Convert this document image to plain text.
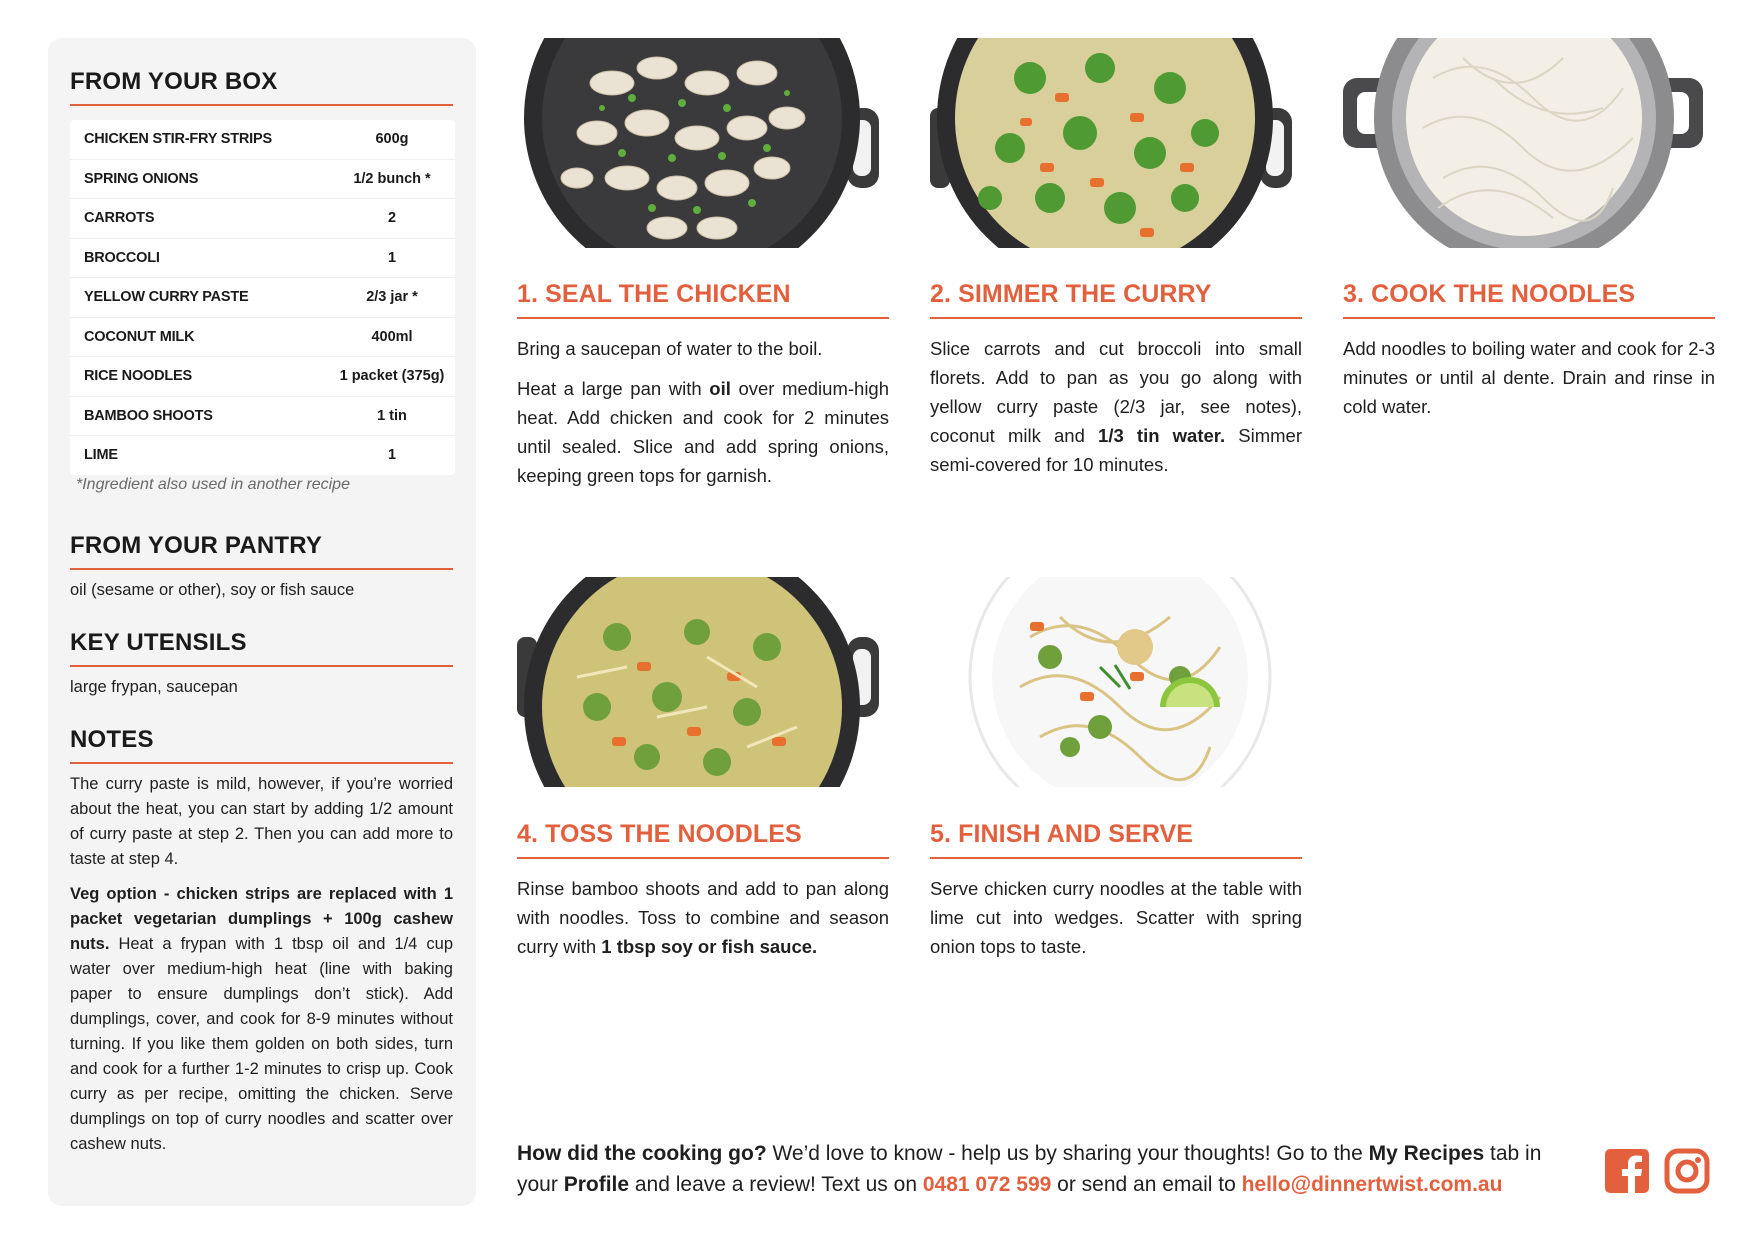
FROM YOUR BOX
CHICKEN STIR-FRY STRIPS	600g
SPRING ONIONS	1/2 bunch *
CARROTS	2
BROCCOLI	1
YELLOW CURRY PASTE	2/3 jar *
COCONUT MILK	400ml
RICE NOODLES	1 packet (375g)
BAMBOO SHOOTS	1 tin
LIME	1
*Ingredient also used in another recipe
FROM YOUR PANTRY
oil (sesame or other), soy or fish sauce
KEY UTENSILS
large frypan, saucepan
NOTES

The curry paste is mild, however, if you’re worried about the heat, you can start by adding 1/2 amount of curry paste at step 2. Then you can add more to taste at step 4.

Veg option - chicken strips are replaced with 1 packet vegetarian dumplings + 100g cashew nuts. Heat a frypan with 1 tbsp oil and 1/4 cup water over medium-high heat (line with baking paper to ensure dumplings don’t stick). Add dumplings, cover, and cook for 8-9 minutes without turning. If you like them golden on both sides, turn and cook for a further 1-2 minutes to crisp up. Cook curry as per recipe, omitting the chicken. Serve dumplings on top of curry noodles and scatter over cashew nuts.

1. SEAL THE CHICKEN

Bring a saucepan of water to the boil.

Heat a large pan with oil over medium-high heat. Add chicken and cook for 2 minutes until sealed. Slice and add spring onions, keeping green tops for garnish.

2. SIMMER THE CURRY

Slice carrots and cut broccoli into small florets. Add to pan as you go along with yellow curry paste (2/3 jar, see notes), coconut milk and 1/3 tin water. Simmer semi-covered for 10 minutes.

3. COOK THE NOODLES

Add noodles to boiling water and cook for 2-3 minutes or until al dente. Drain and rinse in cold water.

4. TOSS THE NOODLES

Rinse bamboo shoots and add to pan along with noodles. Toss to combine and season curry with 1 tbsp soy or fish sauce.

5. FINISH AND SERVE

Serve chicken curry noodles at the table with lime cut into wedges. Scatter with spring onion tops to taste.

How did the cooking go? We’d love to know - help us by sharing your thoughts! Go to the My Recipes tab in your Profile and leave a review! Text us on 0481 072 599 or send an email to hello@dinnertwist.com.au
